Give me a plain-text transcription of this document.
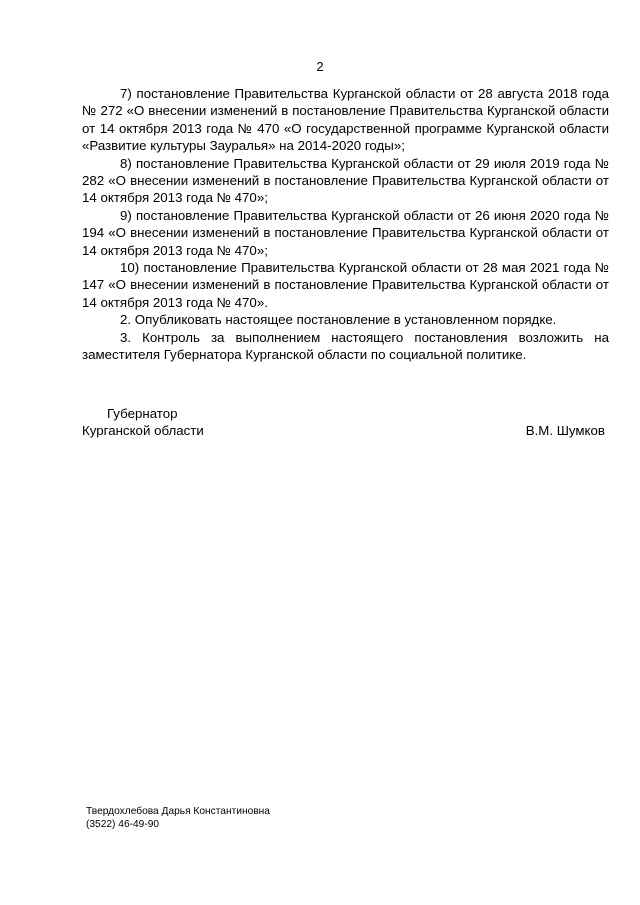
2

7) постановление Правительства Курганской области от 28 августа 2018 года № 272 «О внесении изменений в постановление Правительства Курганской области от 14 октября 2013 года № 470 «О государственной программе Курганской области «Развитие культуры Зауралья» на 2014-2020 годы»;

8) постановление Правительства Курганской области от 29 июля 2019 года № 282 «О внесении изменений в постановление Правительства Курганской области от 14 октября 2013 года № 470»;

9) постановление Правительства Курганской области от 26 июня 2020 года № 194 «О внесении изменений в постановление Правительства Курганской области от 14 октября 2013 года № 470»;

10) постановление Правительства Курганской области от 28 мая 2021 года № 147 «О внесении изменений в постановление Правительства Курганской области от 14 октября 2013 года № 470».

2. Опубликовать настоящее постановление в установленном порядке.

3. Контроль за выполнением настоящего постановления возложить на заместителя Губернатора Курганской области по социальной политике.

Губернатор
Курганской области	В.М. Шумков
Твердохлебова Дарья Константиновна
(3522) 46-49-90
